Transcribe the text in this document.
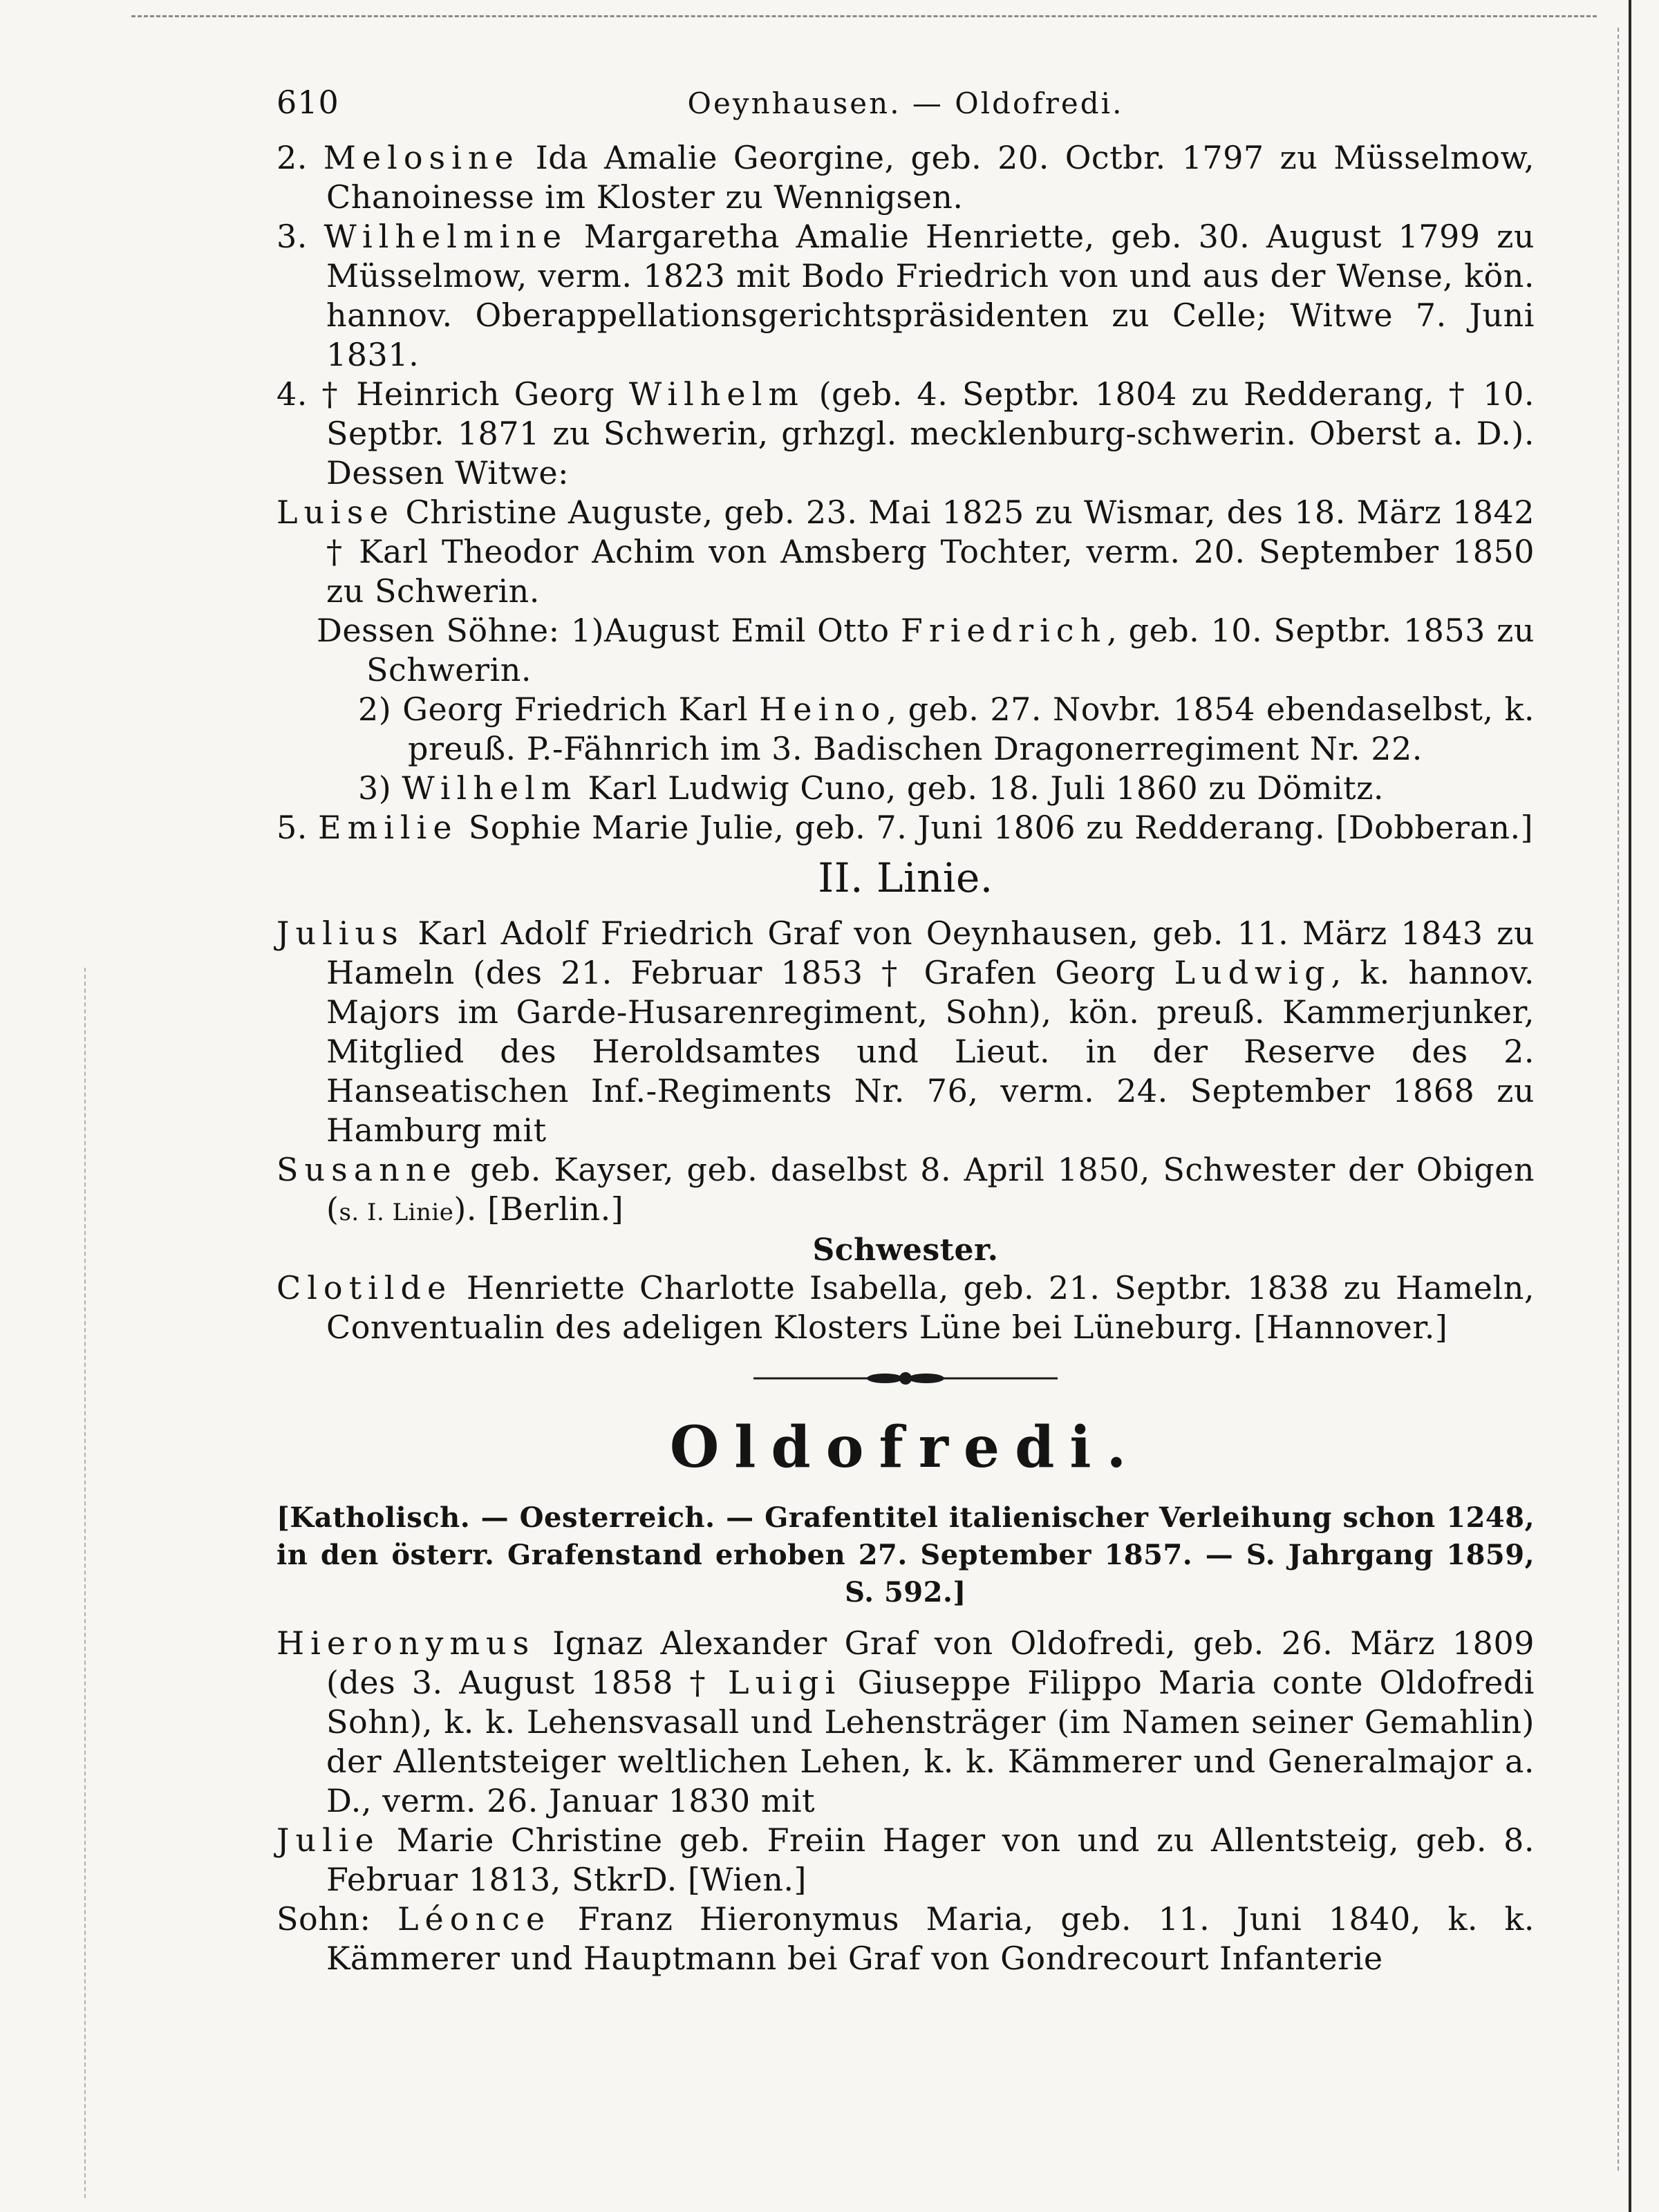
610	Oeynhausen. — Oldofredi.

2. Melosine Ida Amalie Georgine, geb. 20. Octbr. 1797 zu Müsselmow, Chanoinesse im Kloster zu Wennigsen.

3. Wilhelmine Margaretha Amalie Henriette, geb. 30. August 1799 zu Müsselmow, verm. 1823 mit Bodo Friedrich von und aus der Wense, kön. hannov. Oberappellationsgerichtspräsidenten zu Celle; Witwe 7. Juni 1831.

4. † Heinrich Georg Wilhelm (geb. 4. Septbr. 1804 zu Redderang, † 10. Septbr. 1871 zu Schwerin, grhzgl. mecklenburg-schwerin. Oberst a. D.). Dessen Witwe:

Luise Christine Auguste, geb. 23. Mai 1825 zu Wismar, des 18. März 1842 † Karl Theodor Achim von Amsberg Tochter, verm. 20. September 1850 zu Schwerin.

Dessen Söhne: 1)August Emil Otto Friedrich, geb. 10. Septbr. 1853 zu Schwerin.

2) Georg Friedrich Karl Heino, geb. 27. Novbr. 1854 ebendaselbst, k. preuß. P.-Fähnrich im 3. Badischen Dragonerregiment Nr. 22.

3) Wilhelm Karl Ludwig Cuno, geb. 18. Juli 1860 zu Dömitz.

5. Emilie Sophie Marie Julie, geb. 7. Juni 1806 zu Redderang. [Dobberan.]

II. Linie.

Julius Karl Adolf Friedrich Graf von Oeynhausen, geb. 11. März 1843 zu Hameln (des 21. Februar 1853 † Grafen Georg Ludwig, k. hannov. Majors im Garde-Husarenregiment, Sohn), kön. preuß. Kammerjunker, Mitglied des Heroldsamtes und Lieut. in der Reserve des 2. Hanseatischen Inf.-Regiments Nr. 76, verm. 24. September 1868 zu Hamburg mit

Susanne geb. Kayser, geb. daselbst 8. April 1850, Schwester der Obigen (s. I. Linie). [Berlin.]

Schwester.

Clotilde Henriette Charlotte Isabella, geb. 21. Septbr. 1838 zu Hameln, Conventualin des adeligen Klosters Lüne bei Lüneburg. [Hannover.]

Oldofredi.

[Katholisch. — Oesterreich. — Grafentitel italienischer Verleihung schon 1248, in den österr. Grafenstand erhoben 27. September 1857. — S. Jahrgang 1859, S. 592.]

Hieronymus Ignaz Alexander Graf von Oldofredi, geb. 26. März 1809 (des 3. August 1858 † Luigi Giuseppe Filippo Maria conte Oldofredi Sohn), k. k. Lehensvasall und Lehensträger (im Namen seiner Gemahlin) der Allentsteiger weltlichen Lehen, k. k. Kämmerer und Generalmajor a. D., verm. 26. Januar 1830 mit

Julie Marie Christine geb. Freiin Hager von und zu Allentsteig, geb. 8. Februar 1813, StkrD. [Wien.]

Sohn: Léonce Franz Hieronymus Maria, geb. 11. Juni 1840, k. k. Kämmerer und Hauptmann bei Graf von Gondrecourt Infanterie
